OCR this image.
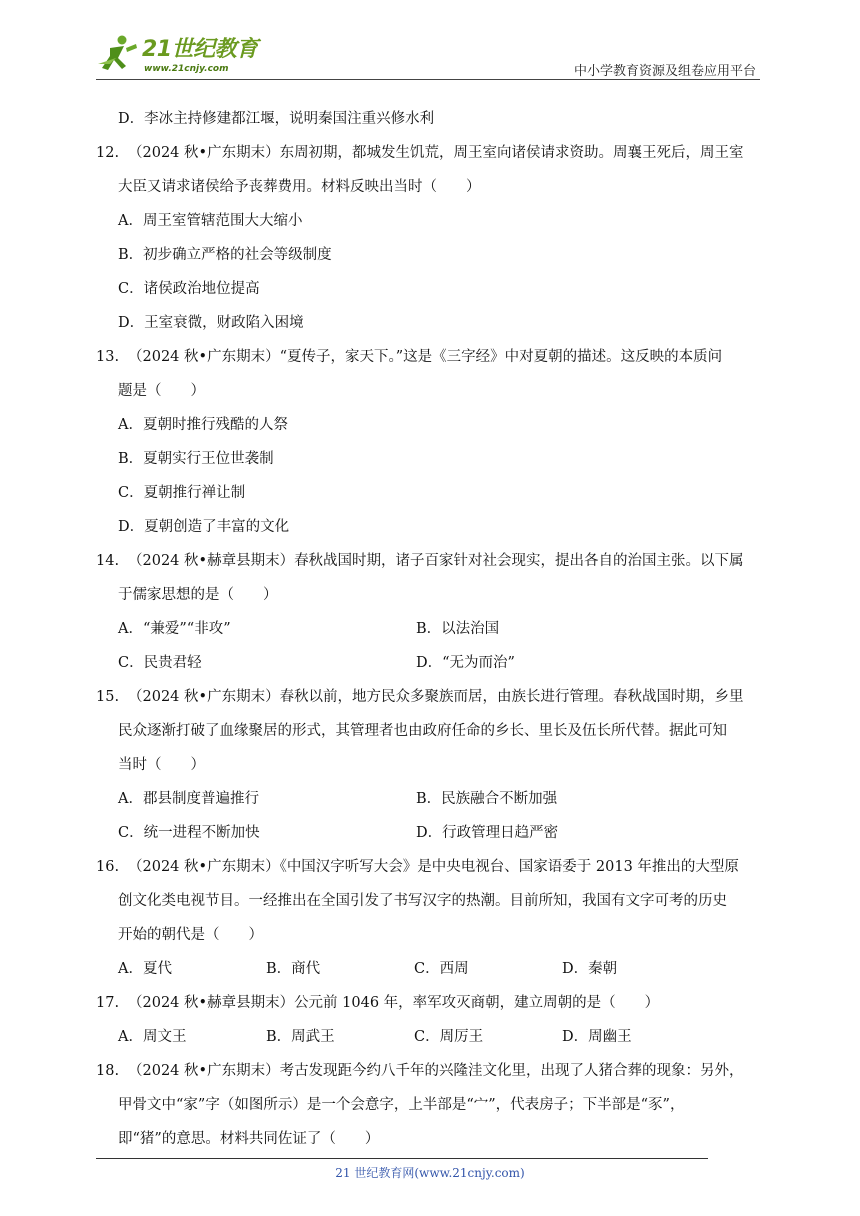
21世纪教育
www.21cnjy.com	中小学教育资源及组卷应用平台
D．李冰主持修建都江堰，说明秦国注重兴修水利
12. （2024 秋•广东期末）东周初期，都城发生饥荒，周王室向诸侯请求资助。周襄王死后，周王室
大臣又请求诸侯给予丧葬费用。材料反映出当时（　　）
A．周王室管辖范围大大缩小
B．初步确立严格的社会等级制度
C．诸侯政治地位提高
D．王室衰微，财政陷入困境
13. （2024 秋•广东期末）“夏传子，家天下。”这是《三字经》中对夏朝的描述。这反映的本质问
题是（　　）
A．夏朝时推行残酷的人祭
B．夏朝实行王位世袭制
C．夏朝推行禅让制
D．夏朝创造了丰富的文化
14. （2024 秋•赫章县期末）春秋战国时期，诸子百家针对社会现实，提出各自的治国主张。以下属
于儒家思想的是（　　）
A．“兼爱”“非攻”	B．以法治国
C．民贵君轻	D．“无为而治”
15. （2024 秋•广东期末）春秋以前，地方民众多聚族而居，由族长进行管理。春秋战国时期，乡里
民众逐渐打破了血缘聚居的形式，其管理者也由政府任命的乡长、里长及伍长所代替。据此可知
当时（　　）
A．郡县制度普遍推行	B．民族融合不断加强
C．统一进程不断加快	D．行政管理日趋严密
16. （2024 秋•广东期末）《中国汉字听写大会》是中央电视台、国家语委于 2013 年推出的大型原
创文化类电视节目。一经推出在全国引发了书写汉字的热潮。目前所知，我国有文字可考的历史
开始的朝代是（　　）
A．夏代	B．商代	C．西周	D．秦朝
17. （2024 秋•赫章县期末）公元前 1046 年，率军攻灭商朝，建立周朝的是（　　）
A．周文王	B．周武王	C．周厉王	D．周幽王
18. （2024 秋•广东期末）考古发现距今约八千年的兴隆洼文化里，出现了人猪合葬的现象：另外，
甲骨文中“家”字（如图所示）是一个会意字，上半部是“宀”，代表房子；下半部是“豕”，
即“猪”的意思。材料共同佐证了（　　）
21 世纪教育网(www.21cnjy.com)
